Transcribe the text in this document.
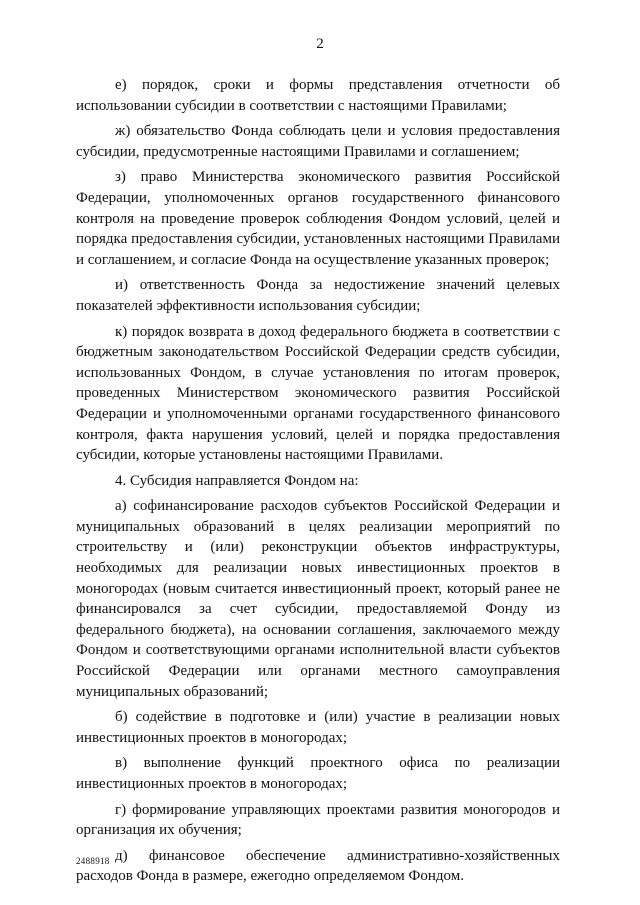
2

е) порядок, сроки и формы представления отчетности об использовании субсидии в соответствии с настоящими Правилами;

ж) обязательство Фонда соблюдать цели и условия предоставления субсидии, предусмотренные настоящими Правилами и соглашением;

з) право Министерства экономического развития Российской Федерации, уполномоченных органов государственного финансового контроля на проведение проверок соблюдения Фондом условий, целей и порядка предоставления субсидии, установленных настоящими Правилами и соглашением, и согласие Фонда на осуществление указанных проверок;

и) ответственность Фонда за недостижение значений целевых показателей эффективности использования субсидии;

к) порядок возврата в доход федерального бюджета в соответствии с бюджетным законодательством Российской Федерации средств субсидии, использованных Фондом, в случае установления по итогам проверок, проведенных Министерством экономического развития Российской Федерации и уполномоченными органами государственного финансового контроля, факта нарушения условий, целей и порядка предоставления субсидии, которые установлены настоящими Правилами.

4. Субсидия направляется Фондом на:

а) софинансирование расходов субъектов Российской Федерации и муниципальных образований в целях реализации мероприятий по строительству и (или) реконструкции объектов инфраструктуры, необходимых для реализации новых инвестиционных проектов в моногородах (новым считается инвестиционный проект, который ранее не финансировался за счет субсидии, предоставляемой Фонду из федерального бюджета), на основании соглашения, заключаемого между Фондом и соответствующими органами исполнительной власти субъектов Российской Федерации или органами местного самоуправления муниципальных образований;

б) содействие в подготовке и (или) участие в реализации новых инвестиционных проектов в моногородах;

в) выполнение функций проектного офиса по реализации инвестиционных проектов в моногородах;

г) формирование управляющих проектами развития моногородов и организация их обучения;

д) финансовое обеспечение административно-хозяйственных расходов Фонда в размере, ежегодно определяемом Фондом.

2488918
